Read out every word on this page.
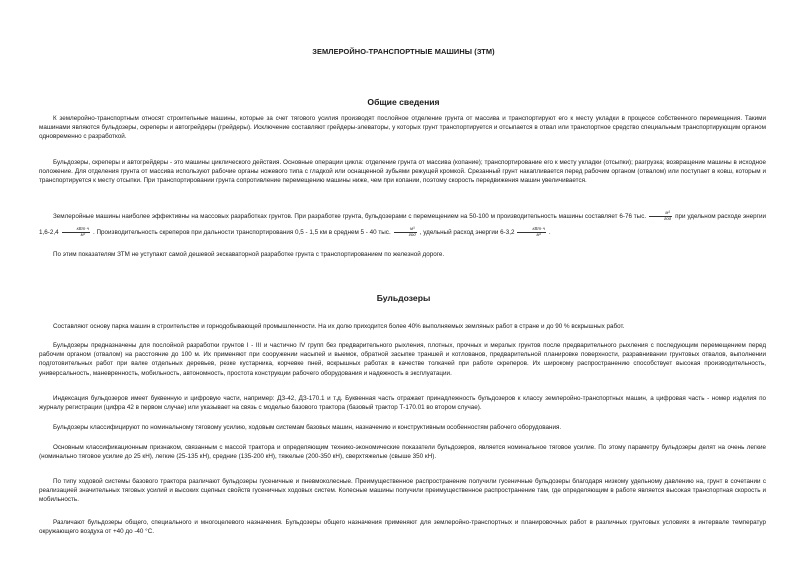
ЗЕМЛЕРОЙНО-ТРАНСПОРТНЫЕ МАШИНЫ (ЗТМ)
Общие сведения

К землеройно-транспортным относят строительные машины, которые за счет тягового усилия производят послойное отделение грунта от массива и транспортируют его к месту укладки в процессе собственного перемещения. Такими машинами являются бульдозеры, скреперы и автогрейдеры (грейдеры). Исключение составляют грейдеры-элеваторы, у которых грунт транспортируется и отсыпается в отвал или транспортное средство специальным транспортирующим органом одновременно с разработкой.

Бульдозеры, скреперы и автогрейдеры - это машины циклического действия. Основные операции цикла: отделение грунта от массива (копание); транспортирование его к месту укладки (отсыпки); разгрузка; возвращение машины в исходное положение. Для отделения грунта от массива используют рабочие органы ножевого типа с гладкой или оснащенной зубьями режущей кромкой. Срезанный грунт накапливается перед рабочим органом (отвалом) или поступает в ковш, которым и транспортируется к месту отсыпки. При транспортировании грунта сопротивление перемещению машины ниже, чем при копании, поэтому скорость передвижения машин увеличивается.

Землеройные машины наиболее эффективны на массовых разработках грунтов. При разработке грунта, бульдозерами с перемещением на 50-100 м производительность машины составляет 6-76 тыс. $\frac{\text{м³}}{\text{год}}$ при удельном расходе энергии $1,6-2,4 \frac{\text{кВт·ч}}{\text{м³}}$ . Производительность скреперов при дальности транспортирования 0,5 - 1,5 км в среднем 5 - 40 тыс. $\frac{\text{м³}}{\text{год}}$ , удельный расход энергии $6-3,2 \frac{\text{кВт·ч}}{\text{м³}}$ .

По этим показателям ЗТМ не уступают самой дешевой экскаваторной разработке грунта с транспортированием по железной дороге.

Бульдозеры

Составляют основу парка машин в строительстве и горнодобывающей промышленности. На их долю приходится более 40% выполняемых земляных работ в стране и до 90 % вскрышных работ.

Бульдозеры предназначены для послойной разработки грунтов I - III и частично IV групп без предварительного рыхления, плотных, прочных и мерзлых грунтов после предварительного рыхления с последующим перемещением перед рабочим органом (отвалом) на расстояние до 100 м. Их применяют при сооружении насыпей и выемок, обратной засыпке траншей и котлованов, предварительной планировке поверхности, разравнивании грунтовых отвалов, выполнении подготовительных работ при валке отдельных деревьев, резке кустарника, корчевке пней, вскрышных работах в качестве толкачей при работе скреперов. Их широкому распространению способствует высокая производительность, универсальность, маневренность, мобильность, автономность, простота конструкции рабочего оборудования и надежность в эксплуатации.

Индексация бульдозеров имеет буквенную и цифровую части, например: ДЗ-42, ДЗ-170.1 и т.д. Буквенная часть отражает принадлежность бульдозеров к классу землеройно-транспортных машин, а цифровая часть - номер изделия по журналу регистрации (цифра 42 в первом случае) или указывает на связь с моделью базового трактора (базовый трактор Т-170.01 во втором случае).

Бульдозеры классифицируют по номинальному тяговому усилию, ходовым системам базовых машин, назначению и конструктивным особенностям рабочего оборудования.

Основным классификационным признаком, связанным с массой трактора и определяющим технико-экономические показатели бульдозеров, является номинальное тяговое усилие. По этому параметру бульдозеры делят на очень легкие (номинально тяговое усилие до 25 кН), легкие (25-135 кН), средние (135-200 кН), тяжелые (200-350 кН), сверхтяжелые (свыше 350 кН).

По типу ходовой системы базового трактора различают бульдозеры гусеничные и пневмоколесные. Преимущественное распространение получили гусеничные бульдозеры благодаря низкому удельному давлению на, грунт в сочетании с реализацией значительных тяговых усилий и высоких сцепных свойств гусеничных ходовых систем. Колесные машины получили преимущественное распространение там, где определяющим в работе является высокая транспортная скорость и мобильность.

Различают бульдозеры общего, специального и многоцелевого назначения. Бульдозеры общего назначения применяют для землеройно-транспортных и планировочных работ в различных грунтовых условиях в интервале температур окружающего воздуха от +40 до -40 °С.
